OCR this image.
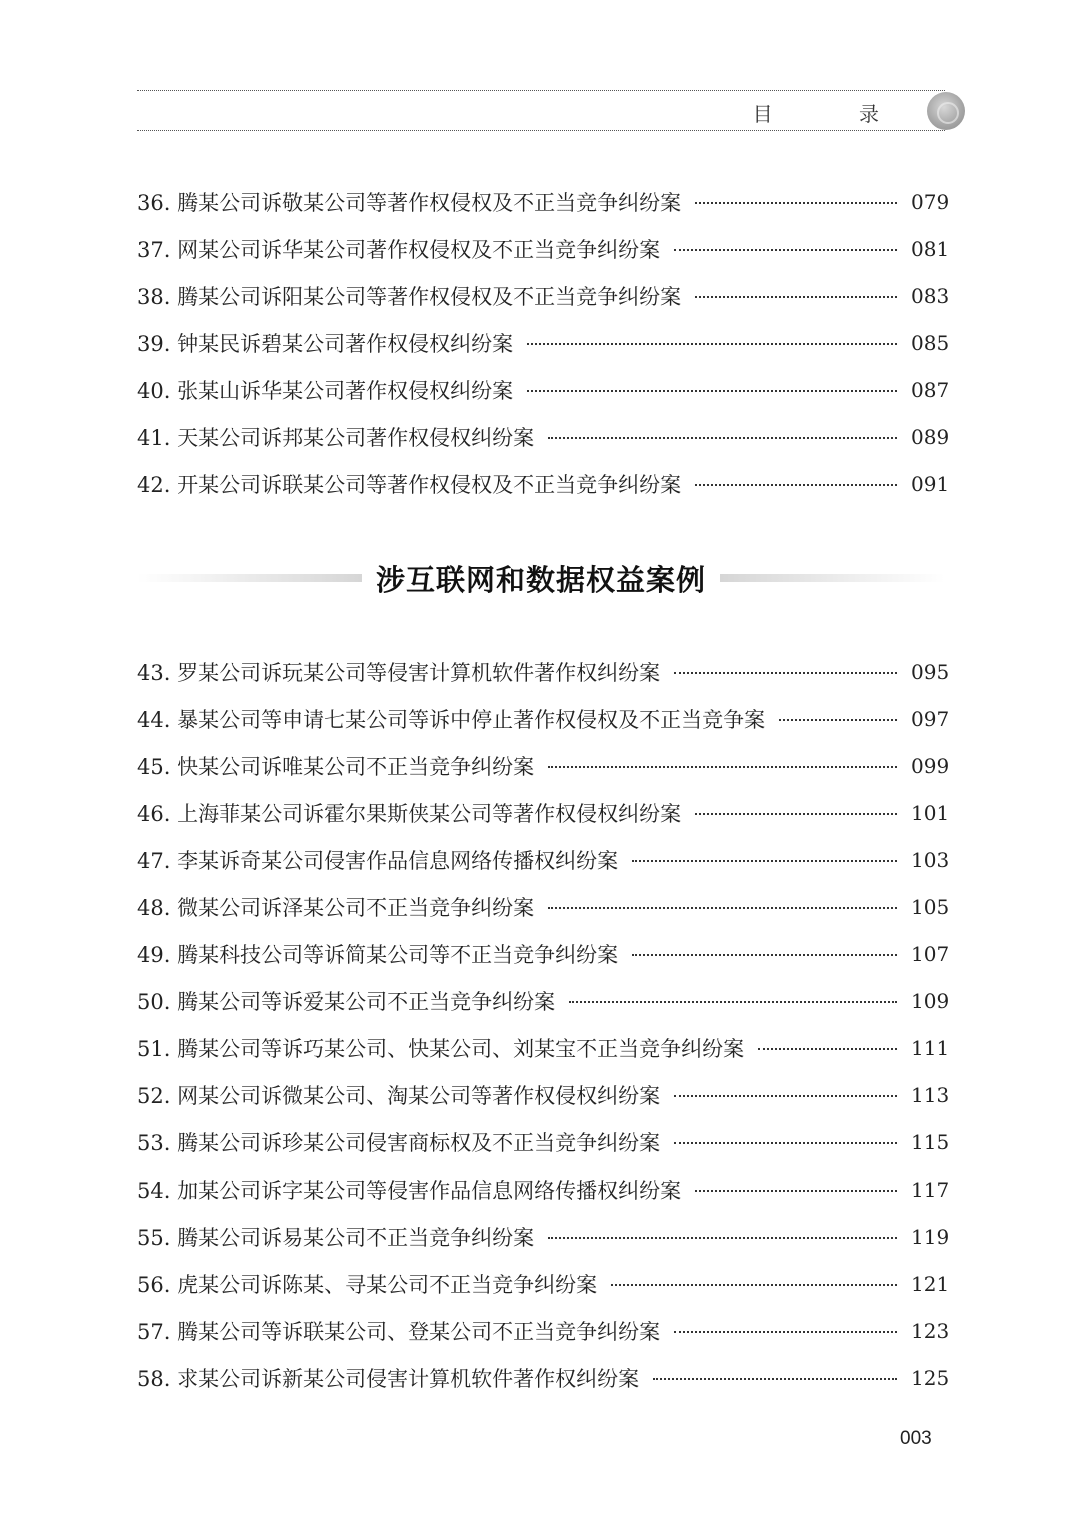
目 录
36. 腾某公司诉敬某公司等著作权侵权及不正当竞争纠纷案	079
37. 网某公司诉华某公司著作权侵权及不正当竞争纠纷案	081
38. 腾某公司诉阳某公司等著作权侵权及不正当竞争纠纷案	083
39. 钟某民诉碧某公司著作权侵权纠纷案	085
40. 张某山诉华某公司著作权侵权纠纷案	087
41. 天某公司诉邦某公司著作权侵权纠纷案	089
42. 开某公司诉联某公司等著作权侵权及不正当竞争纠纷案	091
涉互联网和数据权益案例
43. 罗某公司诉玩某公司等侵害计算机软件著作权纠纷案	095
44. 暴某公司等申请七某公司等诉中停止著作权侵权及不正当竞争案	097
45. 快某公司诉唯某公司不正当竞争纠纷案	099
46. 上海菲某公司诉霍尔果斯侠某公司等著作权侵权纠纷案	101
47. 李某诉奇某公司侵害作品信息网络传播权纠纷案	103
48. 微某公司诉泽某公司不正当竞争纠纷案	105
49. 腾某科技公司等诉简某公司等不正当竞争纠纷案	107
50. 腾某公司等诉爱某公司不正当竞争纠纷案	109
51. 腾某公司等诉巧某公司、快某公司、刘某宝不正当竞争纠纷案	111
52. 网某公司诉微某公司、淘某公司等著作权侵权纠纷案	113
53. 腾某公司诉珍某公司侵害商标权及不正当竞争纠纷案	115
54. 加某公司诉字某公司等侵害作品信息网络传播权纠纷案	117
55. 腾某公司诉易某公司不正当竞争纠纷案	119
56. 虎某公司诉陈某、寻某公司不正当竞争纠纷案	121
57. 腾某公司等诉联某公司、登某公司不正当竞争纠纷案	123
58. 求某公司诉新某公司侵害计算机软件著作权纠纷案	125
003
